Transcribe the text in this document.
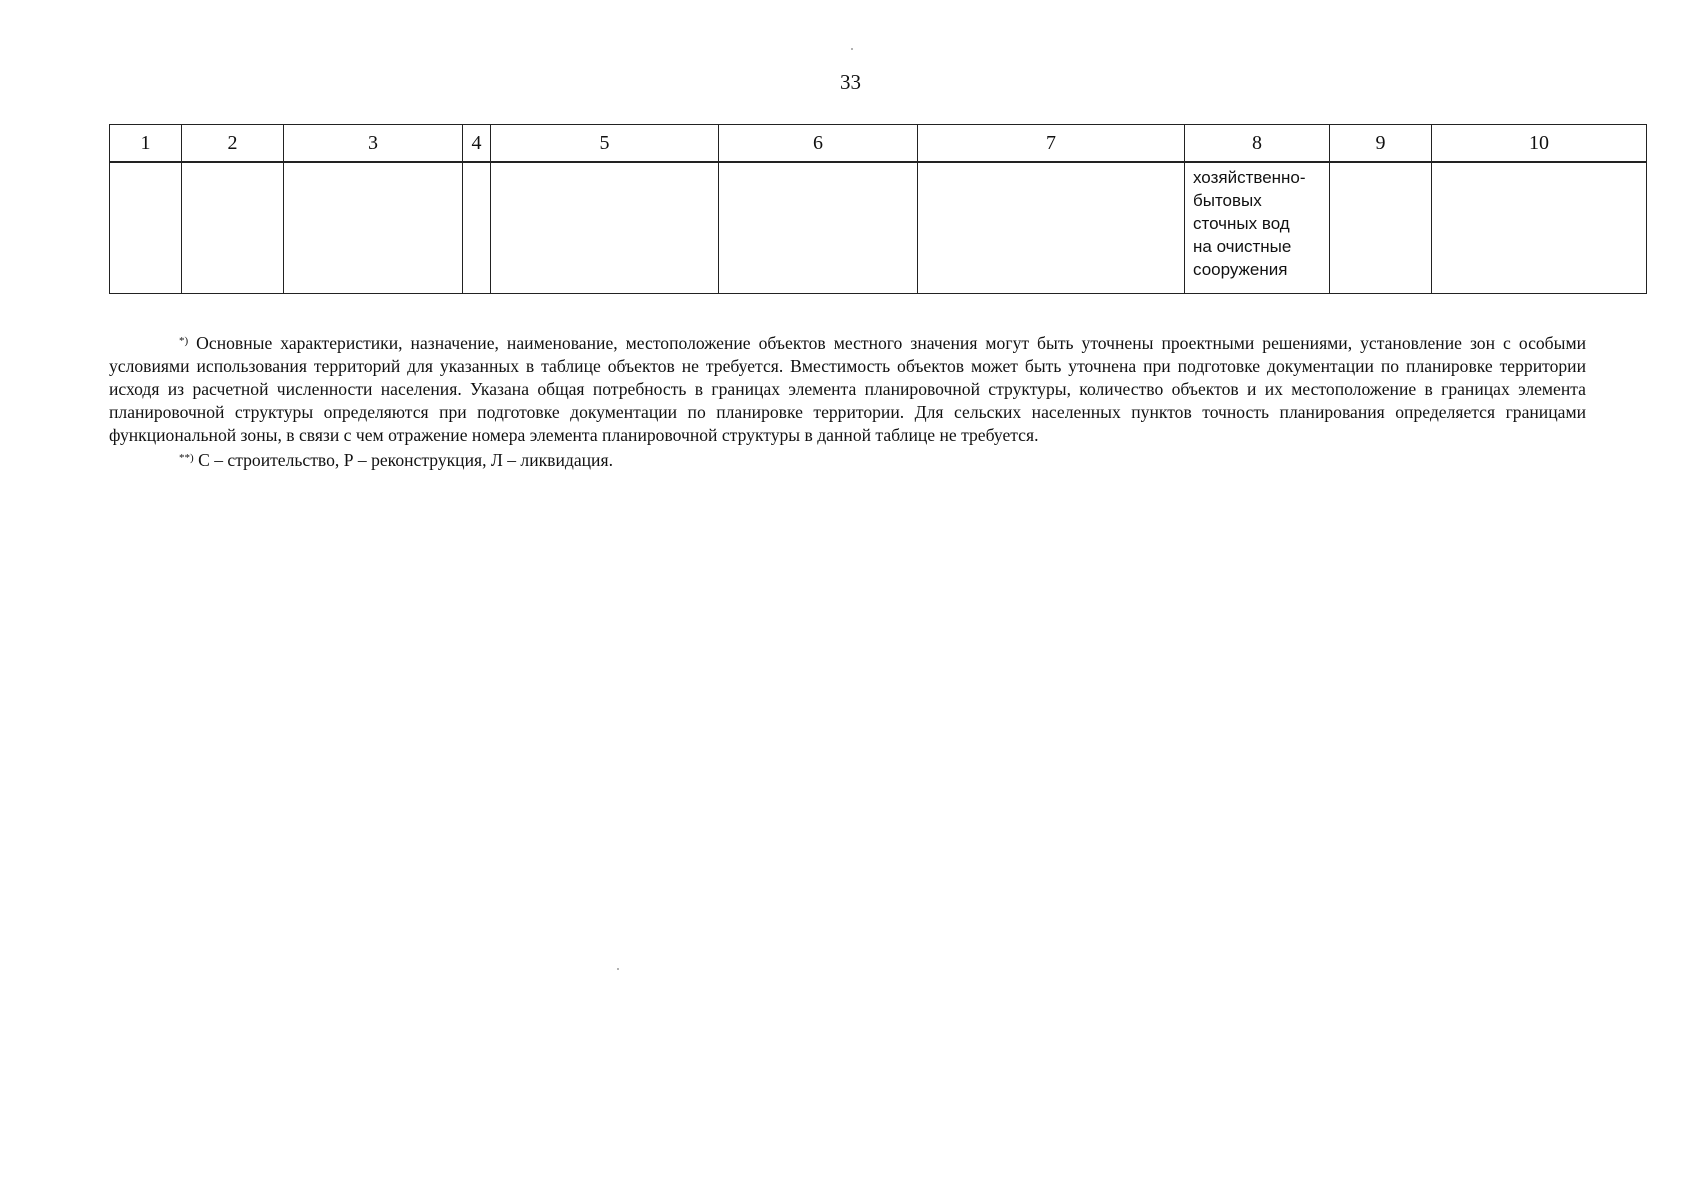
33
1	2	3	4	5	6	7	8	9	10

							хозяйственно-
бытовых
сточных вод
на очистные
сооружения		

*) Основные характеристики, назначение, наименование, местоположение объектов местного значения могут быть уточнены проектными решениями, установление зон с особыми условиями использования территорий для указанных в таблице объектов не требуется. Вместимость объектов может быть уточнена при подготовке документации по планировке территории исходя из расчетной численности населения. Указана общая потребность в границах элемента планировочной структуры, количество объектов и их местоположение в границах элемента планировочной структуры определяются при подготовке документации по планировке территории. Для сельских населенных пунктов точность планирования определяется границами функциональной зоны, в связи с чем отражение номера элемента планировочной структуры в данной таблице не требуется.

**) С – строительство, Р – реконструкция, Л – ликвидация.
